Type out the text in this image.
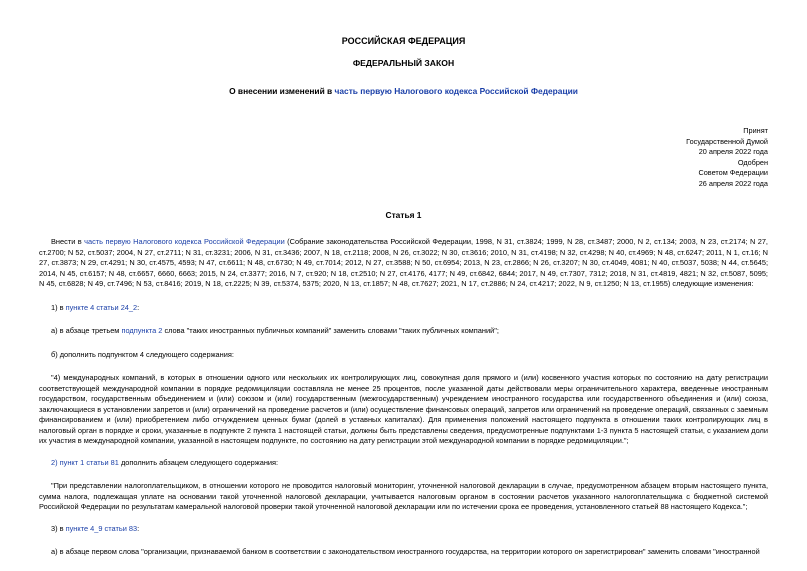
РОССИЙСКАЯ ФЕДЕРАЦИЯ
ФЕДЕРАЛЬНЫЙ ЗАКОН
О внесении изменений в часть первую Налогового кодекса Российской Федерации
Принят
Государственной Думой
20 апреля 2022 года
Одобрен
Советом Федерации
26 апреля 2022 года
Статья 1

Внести в часть первую Налогового кодекса Российской Федерации (Собрание законодательства Российской Федерации, 1998, N 31, ст.3824; 1999, N 28, ст.3487; 2000, N 2, ст.134; 2003, N 23, ст.2174; N 27, ст.2700; N 52, ст.5037; 2004, N 27, ст.2711; N 31, ст.3231; 2006, N 31, ст.3436; 2007, N 18, ст.2118; 2008, N 26, ст.3022; N 30, ст.3616; 2010, N 31, ст.4198; N 32, ст.4298; N 40, ст.4969; N 48, ст.6247; 2011, N 1, ст.16; N 27, ст.3873; N 29, ст.4291; N 30, ст.4575, 4593; N 47, ст.6611; N 48, ст.6730; N 49, ст.7014; 2012, N 27, ст.3588; N 50, ст.6954; 2013, N 23, ст.2866; N 26, ст.3207; N 30, ст.4049, 4081; N 40, ст.5037, 5038; N 44, ст.5645; 2014, N 45, ст.6157; N 48, ст.6657, 6660, 6663; 2015, N 24, ст.3377; 2016, N 7, ст.920; N 18, ст.2510; N 27, ст.4176, 4177; N 49, ст.6842, 6844; 2017, N 49, ст.7307, 7312; 2018, N 31, ст.4819, 4821; N 32, ст.5087, 5095; N 45, ст.6828; N 49, ст.7496; N 53, ст.8416; 2019, N 18, ст.2225; N 39, ст.5374, 5375; 2020, N 13, ст.1857; N 48, ст.7627; 2021, N 17, ст.2886; N 24, ст.4217; 2022, N 9, ст.1250; N 13, ст.1955) следующие изменения:

1) в пункте 4 статьи 24_2:

а) в абзаце третьем подпункта 2 слова "таких иностранных публичных компаний" заменить словами "таких публичных компаний";

б) дополнить подпунктом 4 следующего содержания:

"4) международных компаний, в которых в отношении одного или нескольких их контролирующих лиц, совокупная доля прямого и (или) косвенного участия которых по состоянию на дату регистрации соответствующей международной компании в порядке редомициляции составляла не менее 25 процентов, после указанной даты действовали меры ограничительного характера, введенные иностранным государством, государственным объединением и (или) союзом и (или) государственным (межгосударственным) учреждением иностранного государства или государственного объединения и (или) союза, заключающиеся в установлении запретов и (или) ограничений на проведение расчетов и (или) осуществление финансовых операций, запретов или ограничений на проведение операций, связанных с заемным финансированием и (или) приобретением либо отчуждением ценных бумаг (долей в уставных капиталах). Для применения положений настоящего подпункта в отношении таких контролирующих лиц в налоговый орган в порядке и сроки, указанные в подпункте 2 пункта 1 настоящей статьи, должны быть представлены сведения, предусмотренные подпунктами 1-3 пункта 5 настоящей статьи, с указанием доли их участия в международной компании, указанной в настоящем подпункте, по состоянию на дату регистрации этой международной компании в порядке редомициляции.";

2) пункт 1 статьи 81 дополнить абзацем следующего содержания:

"При представлении налогоплательщиком, в отношении которого не проводится налоговый мониторинг, уточненной налоговой декларации в случае, предусмотренном абзацем вторым настоящего пункта, сумма налога, подлежащая уплате на основании такой уточненной налоговой декларации, учитывается налоговым органом в состоянии расчетов указанного налогоплательщика с бюджетной системой Российской Федерации по результатам камеральной налоговой проверки такой уточненной налоговой декларации или по истечении срока ее проведения, установленного статьей 88 настоящего Кодекса.";

3) в пункте 4_9 статьи 83:

а) в абзаце первом слова "организации, признаваемой банком в соответствии с законодательством иностранного государства, на территории которого он зарегистрирован" заменить словами "иностранной
